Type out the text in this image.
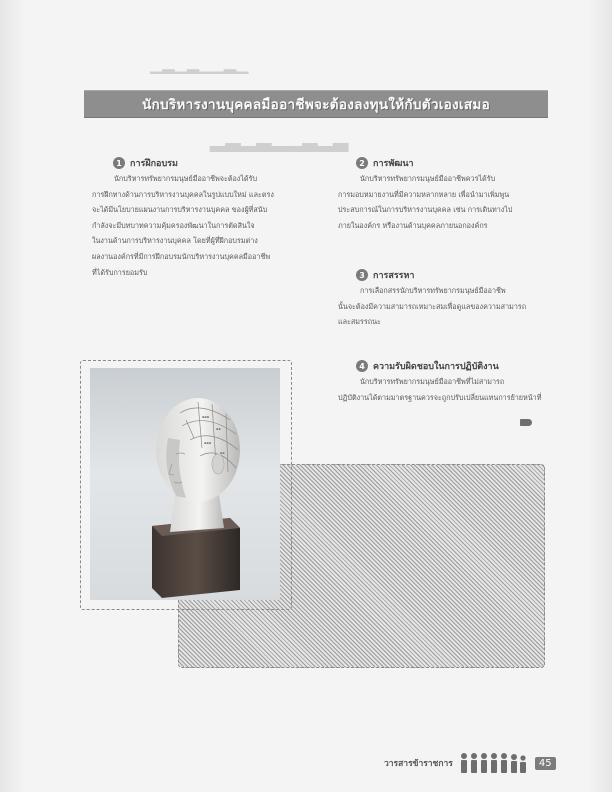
▁▂▁▂▁▁▂▁
▂▃▂▃▂▂▃▂▃
นักบริหารงานบุคคลมืออาชีพจะต้องลงทุนให้กับตัวเองเสมอ
1 การฝึกอบรม
นักบริหารทรัพยากรมนุษย์มืออาชีพจะต้องได้รับ
การฝึกทางด้านการบริหารงานบุคคลในรูปแบบใหม่ และตรง
จะได้มีนโยบายแผนงานการบริหารงานบุคคล ของผู้ที่สนับ
กำลังจะมีบทบาทความคุ้มครองพัฒนาในการตัดสินใจ
ในงานด้านการบริหารงานบุคคล โดยที่ผู้ที่ฝึกอบรมต่าง
ผลงานองค์กรที่มีการฝึกอบรมนักบริหารงานบุคคลมืออาชีพ
ที่ได้รับการยอมรับ
2 การพัฒนา
นักบริหารทรัพยากรมนุษย์มืออาชีพควรได้รับ
การมอบหมายงานที่มีความหลากหลาย เพื่อนำมาเพิ่มพูน
ประสบการณ์ในการบริหารงานบุคคล เช่น การเดินทางไป
ภายในองค์กร หรืองานด้านบุคคลภายนอกองค์กร
3 การสรรหา
การเลือกสรรนักบริหารทรัพยากรมนุษย์มืออาชีพ
นั้นจะต้องมีความสามารถเหมาะสมเพื่อดูแลของความสามารถ
และสมรรถนะ
4 ความรับผิดชอบในการปฏิบัติงาน
นักบริหารทรัพยากรมนุษย์มืออาชีพที่ไม่สามารถ
ปฏิบัติงานได้ตามมาตรฐานควรจะถูกปรับเปลี่ยนแทนการย้ายหน้าที่
▪▪▪
▪▪
▪▪▪
▪▪
วารสารข้าราชการ	45
